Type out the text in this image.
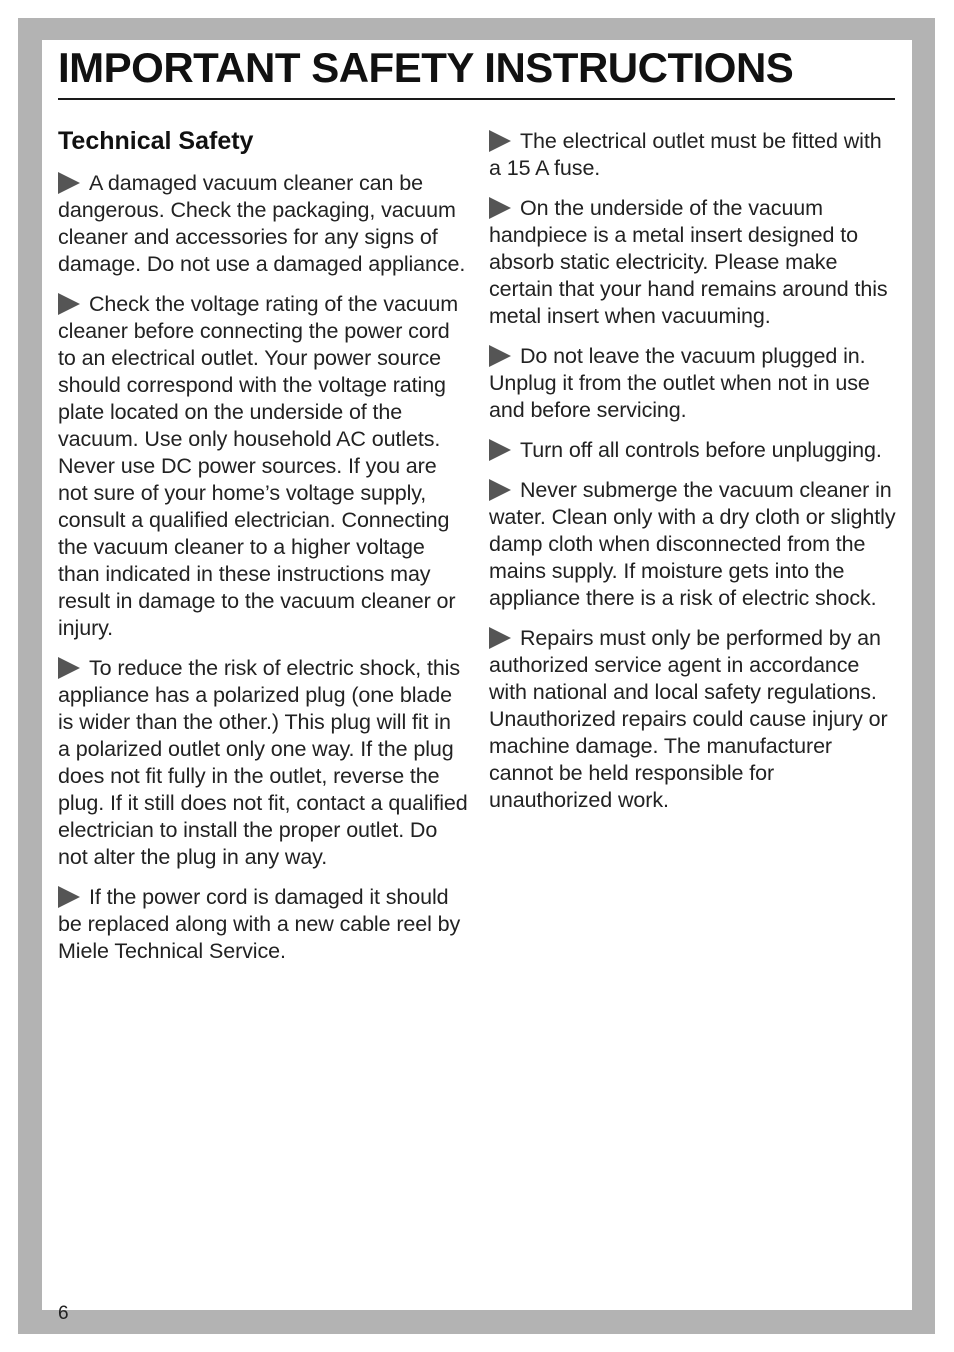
IMPORTANT SAFETY INSTRUCTIONS
Technical Safety

A damaged vacuum cleaner can be dangerous. Check the packaging, vacuum cleaner and accessories for any signs of damage. Do not use a damaged appliance.

Check the voltage rating of the vacuum cleaner before connecting the power cord to an electrical outlet. Your power source should correspond with the voltage rating plate located on the underside of the vacuum. Use only household AC outlets. Never use DC power sources. If you are not sure of your home’s voltage supply, consult a qualified electrician. Connecting the vacuum cleaner to a higher voltage than indicated in these instructions may result in damage to the vacuum cleaner or injury.

To reduce the risk of electric shock, this appliance has a polarized plug (one blade is wider than the other.) This plug will fit in a polarized outlet only one way. If the plug does not fit fully in the outlet, reverse the plug. If it still does not fit, contact a qualified electrician to install the proper outlet. Do not alter the plug in any way.

If the power cord is damaged it should be replaced along with a new cable reel by Miele Technical Service.

The electrical outlet must be fitted with a 15 A fuse.

On the underside of the vacuum handpiece is a metal insert designed to absorb static electricity. Please make certain that your hand remains around this metal insert when vacuuming.

Do not leave the vacuum plugged in. Unplug it from the outlet when not in use and before servicing.

Turn off all controls before unplugging.

Never submerge the vacuum cleaner in water. Clean only with a dry cloth or slightly damp cloth when disconnected from the mains supply. If moisture gets into the appliance there is a risk of electric shock.

Repairs must only be performed by an authorized service agent in accordance with national and local safety regulations. Unauthorized repairs could cause injury or machine damage. The manufacturer cannot be held responsible for unauthorized work.

6
